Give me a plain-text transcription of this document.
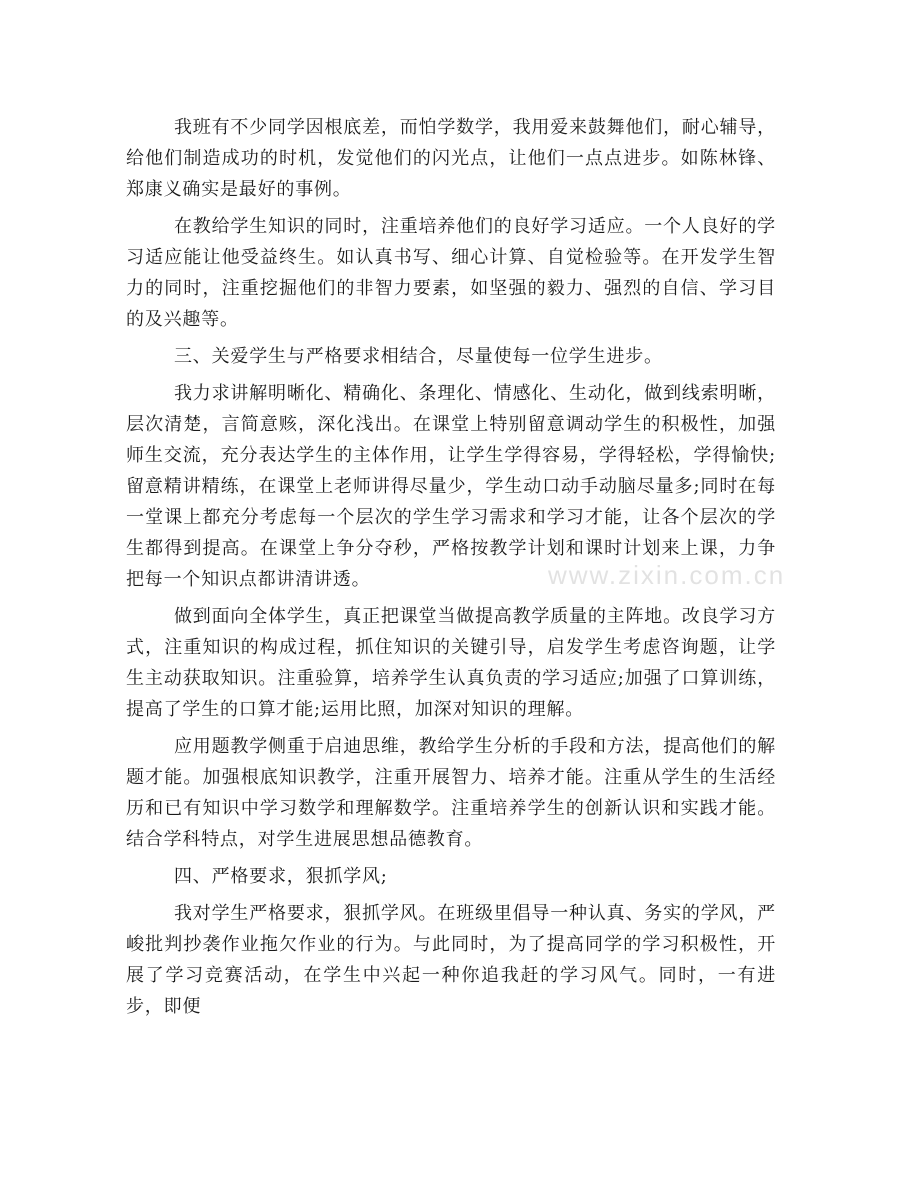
我班有不少同学因根底差，而怕学数学，我用爱来鼓舞他们，耐心辅导，给他们制造成功的时机，发觉他们的闪光点，让他们一点点进步。如陈林锋、郑康义确实是最好的事例。

在教给学生知识的同时，注重培养他们的良好学习适应。一个人良好的学习适应能让他受益终生。如认真书写、细心计算、自觉检验等。在开发学生智力的同时，注重挖掘他们的非智力要素，如坚强的毅力、强烈的自信、学习目的及兴趣等。

三、关爱学生与严格要求相结合，尽量使每一位学生进步。

我力求讲解明晰化、精确化、条理化、情感化、生动化，做到线索明晰，层次清楚，言简意赅，深化浅出。在课堂上特别留意调动学生的积极性，加强师生交流，充分表达学生的主体作用，让学生学得容易，学得轻松，学得愉快;留意精讲精练，在课堂上老师讲得尽量少，学生动口动手动脑尽量多;同时在每一堂课上都充分考虑每一个层次的学生学习需求和学习才能，让各个层次的学生都得到提高。在课堂上争分夺秒，严格按教学计划和课时计划来上课，力争把每一个知识点都讲清讲透。

做到面向全体学生，真正把课堂当做提高教学质量的主阵地。改良学习方式，注重知识的构成过程，抓住知识的关键引导，启发学生考虑咨询题，让学生主动获取知识。注重验算，培养学生认真负责的学习适应;加强了口算训练，提高了学生的口算才能;运用比照，加深对知识的理解。

应用题教学侧重于启迪思维，教给学生分析的手段和方法，提高他们的解题才能。加强根底知识教学，注重开展智力、培养才能。注重从学生的生活经历和已有知识中学习数学和理解数学。注重培养学生的创新认识和实践才能。结合学科特点，对学生进展思想品德教育。

四、严格要求，狠抓学风;

我对学生严格要求，狠抓学风。在班级里倡导一种认真、务实的学风，严峻批判抄袭作业拖欠作业的行为。与此同时，为了提高同学的学习积极性，开展了学习竞赛活动，在学生中兴起一种你追我赶的学习风气。同时，一有进步，即便

www.zixin.com.cn
